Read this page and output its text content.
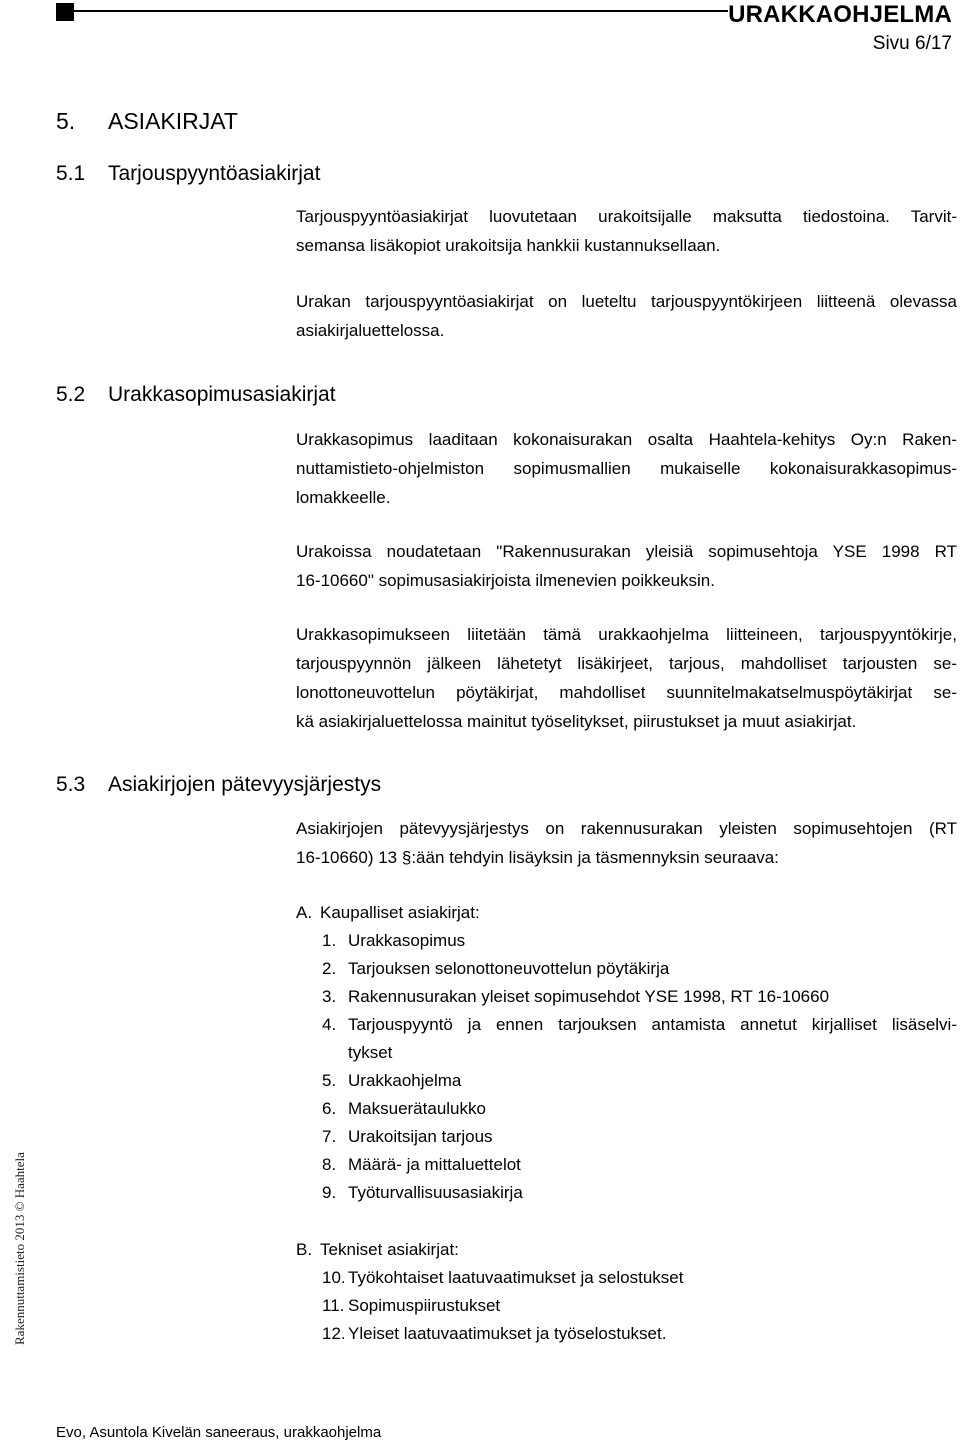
URAKKAOHJELMA
Sivu 6/17
5. ASIAKIRJAT
5.1 Tarjouspyyntöasiakirjat
Tarjouspyyntöasiakirjat luovutetaan urakoitsijalle maksutta tiedostoina. Tarvit-
semansa lisäkopiot urakoitsija hankkii kustannuksellaan.
Urakan tarjouspyyntöasiakirjat on lueteltu tarjouspyyntökirjeen liitteenä olevassa
asiakirjaluettelossa.
5.2 Urakkasopimusasiakirjat
Urakkasopimus laaditaan kokonaisurakan osalta Haahtela-kehitys Oy:n Raken-
nuttamistieto-ohjelmiston sopimusmallien mukaiselle kokonaisurakkasopimus-
lomakkeelle.
Urakoissa noudatetaan "Rakennusurakan yleisiä sopimusehtoja YSE 1998 RT
16-10660" sopimusasiakirjoista ilmenevien poikkeuksin.
Urakkasopimukseen liitetään tämä urakkaohjelma liitteineen, tarjouspyyntökirje,
tarjouspyynnön jälkeen lähetetyt lisäkirjeet, tarjous, mahdolliset tarjousten se-
lonottoneuvottelun pöytäkirjat, mahdolliset suunnitelmakatselmuspöytäkirjat se-
kä asiakirjaluettelossa mainitut työselitykset, piirustukset ja muut asiakirjat.
5.3 Asiakirjojen pätevyysjärjestys
Asiakirjojen pätevyysjärjestys on rakennusurakan yleisten sopimusehtojen (RT
16-10660) 13 §:ään tehdyin lisäyksin ja täsmennyksin seuraava:
A. Kaupalliset asiakirjat:
1. Urakkasopimus
2. Tarjouksen selonottoneuvottelun pöytäkirja
3. Rakennusurakan yleiset sopimusehdot YSE 1998, RT 16-10660
4. Tarjouspyyntö ja ennen tarjouksen antamista annetut kirjalliset lisäselvi-
tykset
5. Urakkaohjelma
6. Maksuerätaulukko
7. Urakoitsijan tarjous
8. Määrä- ja mittaluettelot
9. Työturvallisuusasiakirja
B. Tekniset asiakirjat:
10. Työkohtaiset laatuvaatimukset ja selostukset
11. Sopimuspiirustukset
12. Yleiset laatuvaatimukset ja työselostukset.
Rakennuttamistieto 2013 © Haahtela
Evo, Asuntola Kivelän saneeraus, urakkaohjelma
